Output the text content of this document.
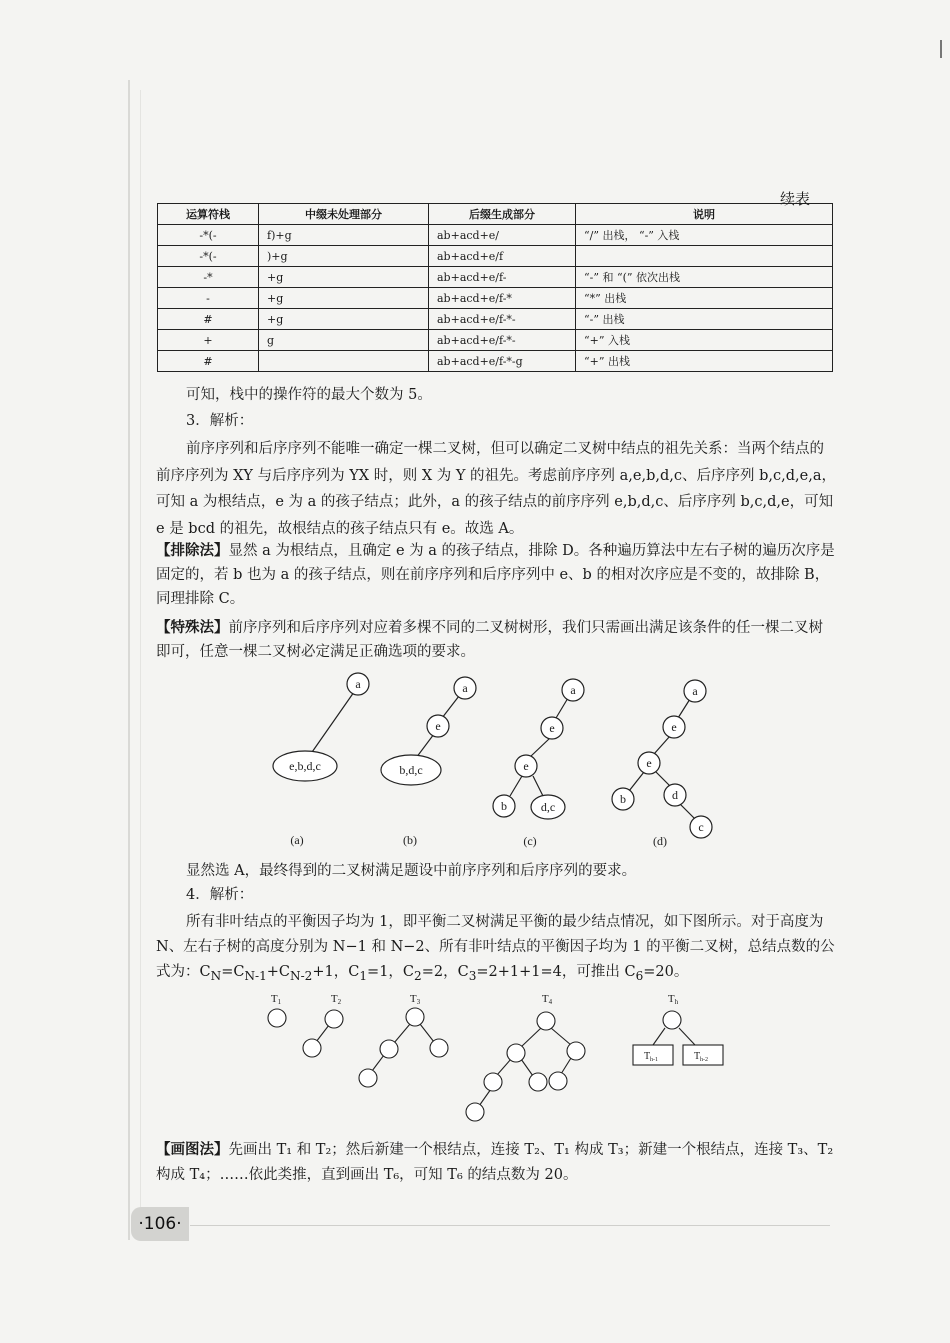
续表
运算符栈	中缀未处理部分	后缀生成部分	说明
-*(-	f)+g	ab+acd+e/	“/” 出栈， “-” 入栈
-*(-	)+g	ab+acd+e/f	
-*	+g	ab+acd+e/f-	“-” 和 “(” 依次出栈
-	+g	ab+acd+e/f-*	“*” 出栈
#	+g	ab+acd+e/f-*-	“-” 出栈
+	g	ab+acd+e/f-*-	“+” 入栈
#		ab+acd+e/f-*-g	“+” 出栈
可知，栈中的操作符的最大个数为 5。
3．解析：
前序序列和后序序列不能唯一确定一棵二叉树，但可以确定二叉树中结点的祖先关系：当两个结点的前序序列为 XY 与后序序列为 YX 时，则 X 为 Y 的祖先。考虑前序序列 a,e,b,d,c、后序序列 b,c,d,e,a，可知 a 为根结点，e 为 a 的孩子结点；此外，a 的孩子结点的前序序列 e,b,d,c、后序序列 b,c,d,e，可知 e 是 bcd 的祖先，故根结点的孩子结点只有 e。故选 A。
【排除法】显然 a 为根结点，且确定 e 为 a 的孩子结点，排除 D。各种遍历算法中左右子树的遍历次序是固定的，若 b 也为 a 的孩子结点，则在前序序列和后序序列中 e、b 的相对次序应是不变的，故排除 B，同理排除 C。
【特殊法】前序序列和后序序列对应着多棵不同的二叉树树形，我们只需画出满足该条件的任一棵二叉树即可，任意一棵二叉树必定满足正确选项的要求。
a
e,b,d,c
a
e
b,d,c
a
e
e
b	d,c
a
e
e
b	d
c
(a)	(b)	(c)	(d)
显然选 A，最终得到的二叉树满足题设中前序序列和后序序列的要求。
4．解析：
所有非叶结点的平衡因子均为 1，即平衡二叉树满足平衡的最少结点情况，如下图所示。对于高度为 N、左右子树的高度分别为 N−1 和 N−2、所有非叶结点的平衡因子均为 1 的平衡二叉树，总结点数的公式为：$C_N=C_{N-1}+C_{N-2}+1$，$C_1=1$，$C_2=2$，$C_3=2+1+1=4$，可推出 $C_6=20$。
T1	T2	T3	T4	Th
$T_{h-1}$	$T_{h-2}$
【画图法】先画出 T₁ 和 T₂；然后新建一个根结点，连接 T₂、T₁ 构成 T₃；新建一个根结点，连接 T₃、T₂ 构成 T₄；……依此类推，直到画出 T₆，可知 T₆ 的结点数为 20。
·106·
